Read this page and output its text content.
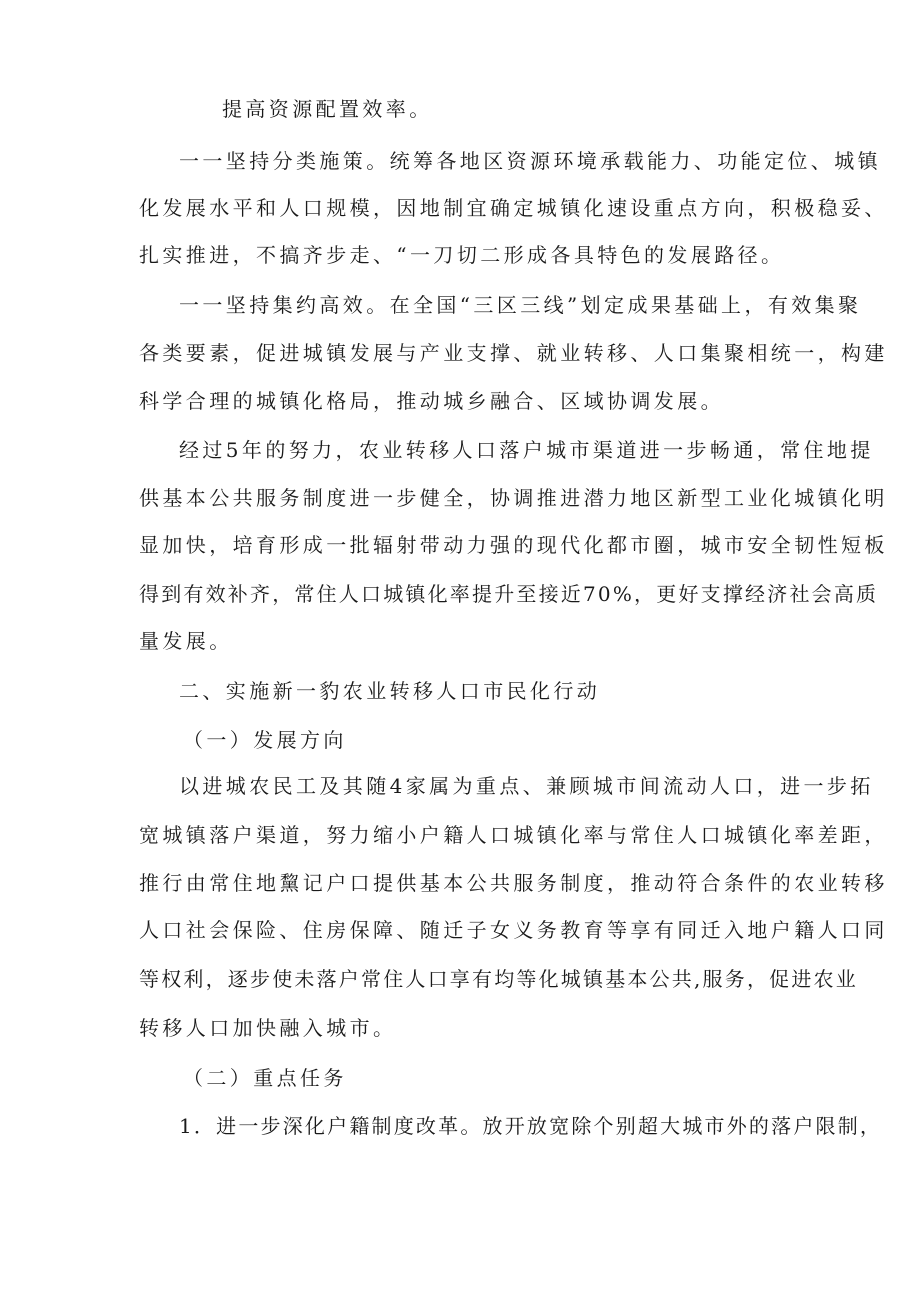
提高资源配置效率。
一一坚持分类施策。统筹各地区资源环境承载能力、功能定位、城镇
化发展水平和人口规模，因地制宜确定城镇化速设重点方向，积极稳妥、
扎实推进，不搞齐步走、“一刀切二形成各具特色的发展路径。
一一坚持集约高效。在全国“三区三线”划定成果基础上，有效集聚
各类要素，促进城镇发展与产业支撑、就业转移、人口集聚相统一，构建
科学合理的城镇化格局，推动城乡融合、区域协调发展。
经过5年的努力，农业转移人口落户城市渠道进一步畅通，常住地提
供基本公共服务制度进一步健全，协调推进潜力地区新型工业化城镇化明
显加快，培育形成一批辐射带动力强的现代化都市圈，城市安全韧性短板
得到有效补齐，常住人口城镇化率提升至接近70%，更好支撑经济社会高质
量发展。
二、实施新一豹农业转移人口市民化行动
（一）发展方向
以进城农民工及其随4家属为重点、兼顾城市间流动人口，进一步拓
宽城镇落户渠道，努力缩小户籍人口城镇化率与常住人口城镇化率差距，
推行由常住地黧记户口提供基本公共服务制度，推动符合条件的农业转移
人口社会保险、住房保障、随迁子女义务教育等享有同迁入地户籍人口同
等权利，逐步使未落户常住人口享有均等化城镇基本公共,服务，促进农业
转移人口加快融入城市。
（二）重点任务
1．进一步深化户籍制度改革。放开放宽除个别超大城市外的落户限制，
